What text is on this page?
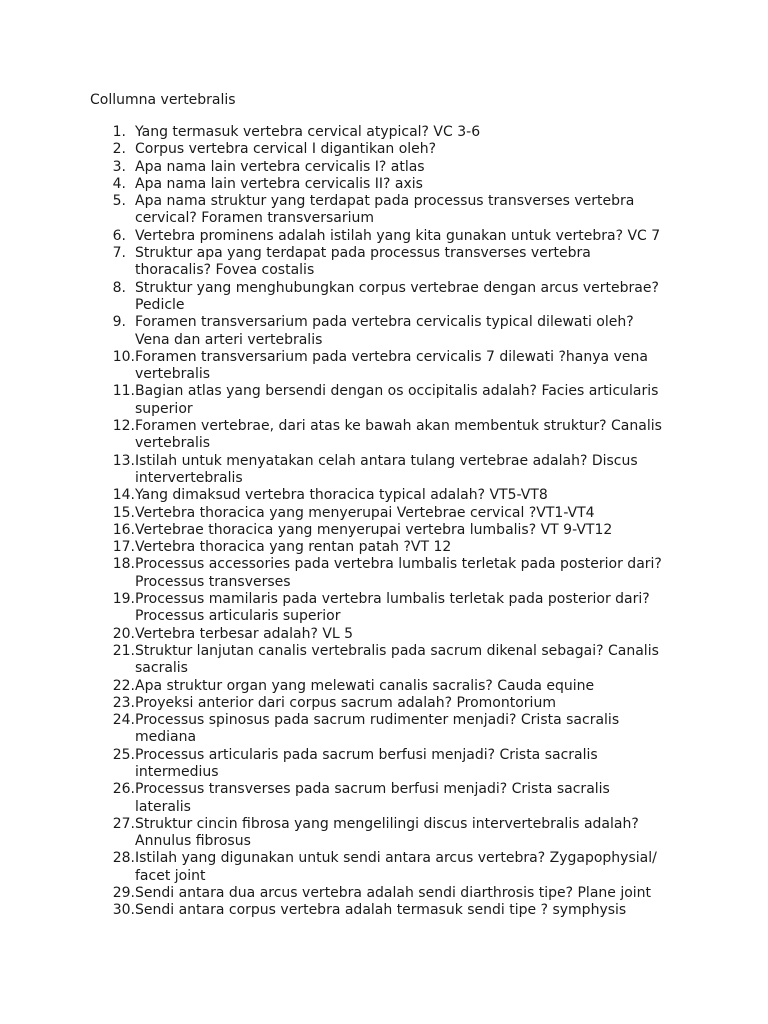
Collumna vertebralis
1. Yang termasuk vertebra cervical atypical? VC 3-6
2. Corpus vertebra cervical I digantikan oleh?
3. Apa nama lain vertebra cervicalis I? atlas
4. Apa nama lain vertebra cervicalis II? axis
5. Apa nama struktur yang terdapat pada processus transverses vertebra cervical? Foramen transversarium
6. Vertebra prominens adalah istilah yang kita gunakan untuk vertebra? VC 7
7. Struktur apa yang terdapat pada processus transverses vertebra thoracalis? Fovea costalis
8. Struktur yang menghubungkan corpus vertebrae dengan arcus vertebrae? Pedicle
9. Foramen transversarium pada vertebra cervicalis typical dilewati oleh? Vena dan arteri vertebralis
10. Foramen transversarium pada vertebra cervicalis 7 dilewati ?hanya vena vertebralis
11. Bagian atlas yang bersendi dengan os occipitalis adalah? Facies articularis superior
12. Foramen vertebrae, dari atas ke bawah akan membentuk struktur? Canalis vertebralis
13. Istilah untuk menyatakan celah antara tulang vertebrae adalah? Discus intervertebralis
14. Yang dimaksud vertebra thoracica typical adalah? VT5-VT8
15. Vertebra thoracica yang menyerupai Vertebrae cervical ?VT1-VT4
16. Vertebrae thoracica yang menyerupai vertebra lumbalis? VT 9-VT12
17. Vertebra thoracica yang rentan patah ?VT 12
18. Processus accessories pada vertebra lumbalis terletak pada posterior dari? Processus transverses
19. Processus mamilaris pada vertebra lumbalis terletak pada posterior dari? Processus articularis superior
20. Vertebra terbesar adalah? VL 5
21. Struktur lanjutan canalis vertebralis pada sacrum dikenal sebagai? Canalis sacralis
22. Apa struktur organ yang melewati canalis sacralis? Cauda equine
23. Proyeksi anterior dari corpus sacrum adalah? Promontorium
24. Processus spinosus pada sacrum rudimenter menjadi? Crista sacralis mediana
25. Processus articularis pada sacrum berfusi menjadi? Crista sacralis intermedius
26. Processus transverses pada sacrum berfusi menjadi? Crista sacralis lateralis
27. Struktur cincin fibrosa yang mengelilingi discus intervertebralis adalah? Annulus fibrosus
28. Istilah yang digunakan untuk sendi antara arcus vertebra? Zygapophysial/ facet joint
29. Sendi antara dua arcus vertebra adalah sendi diarthrosis tipe? Plane joint
30. Sendi antara corpus vertebra adalah termasuk sendi tipe ? symphysis
